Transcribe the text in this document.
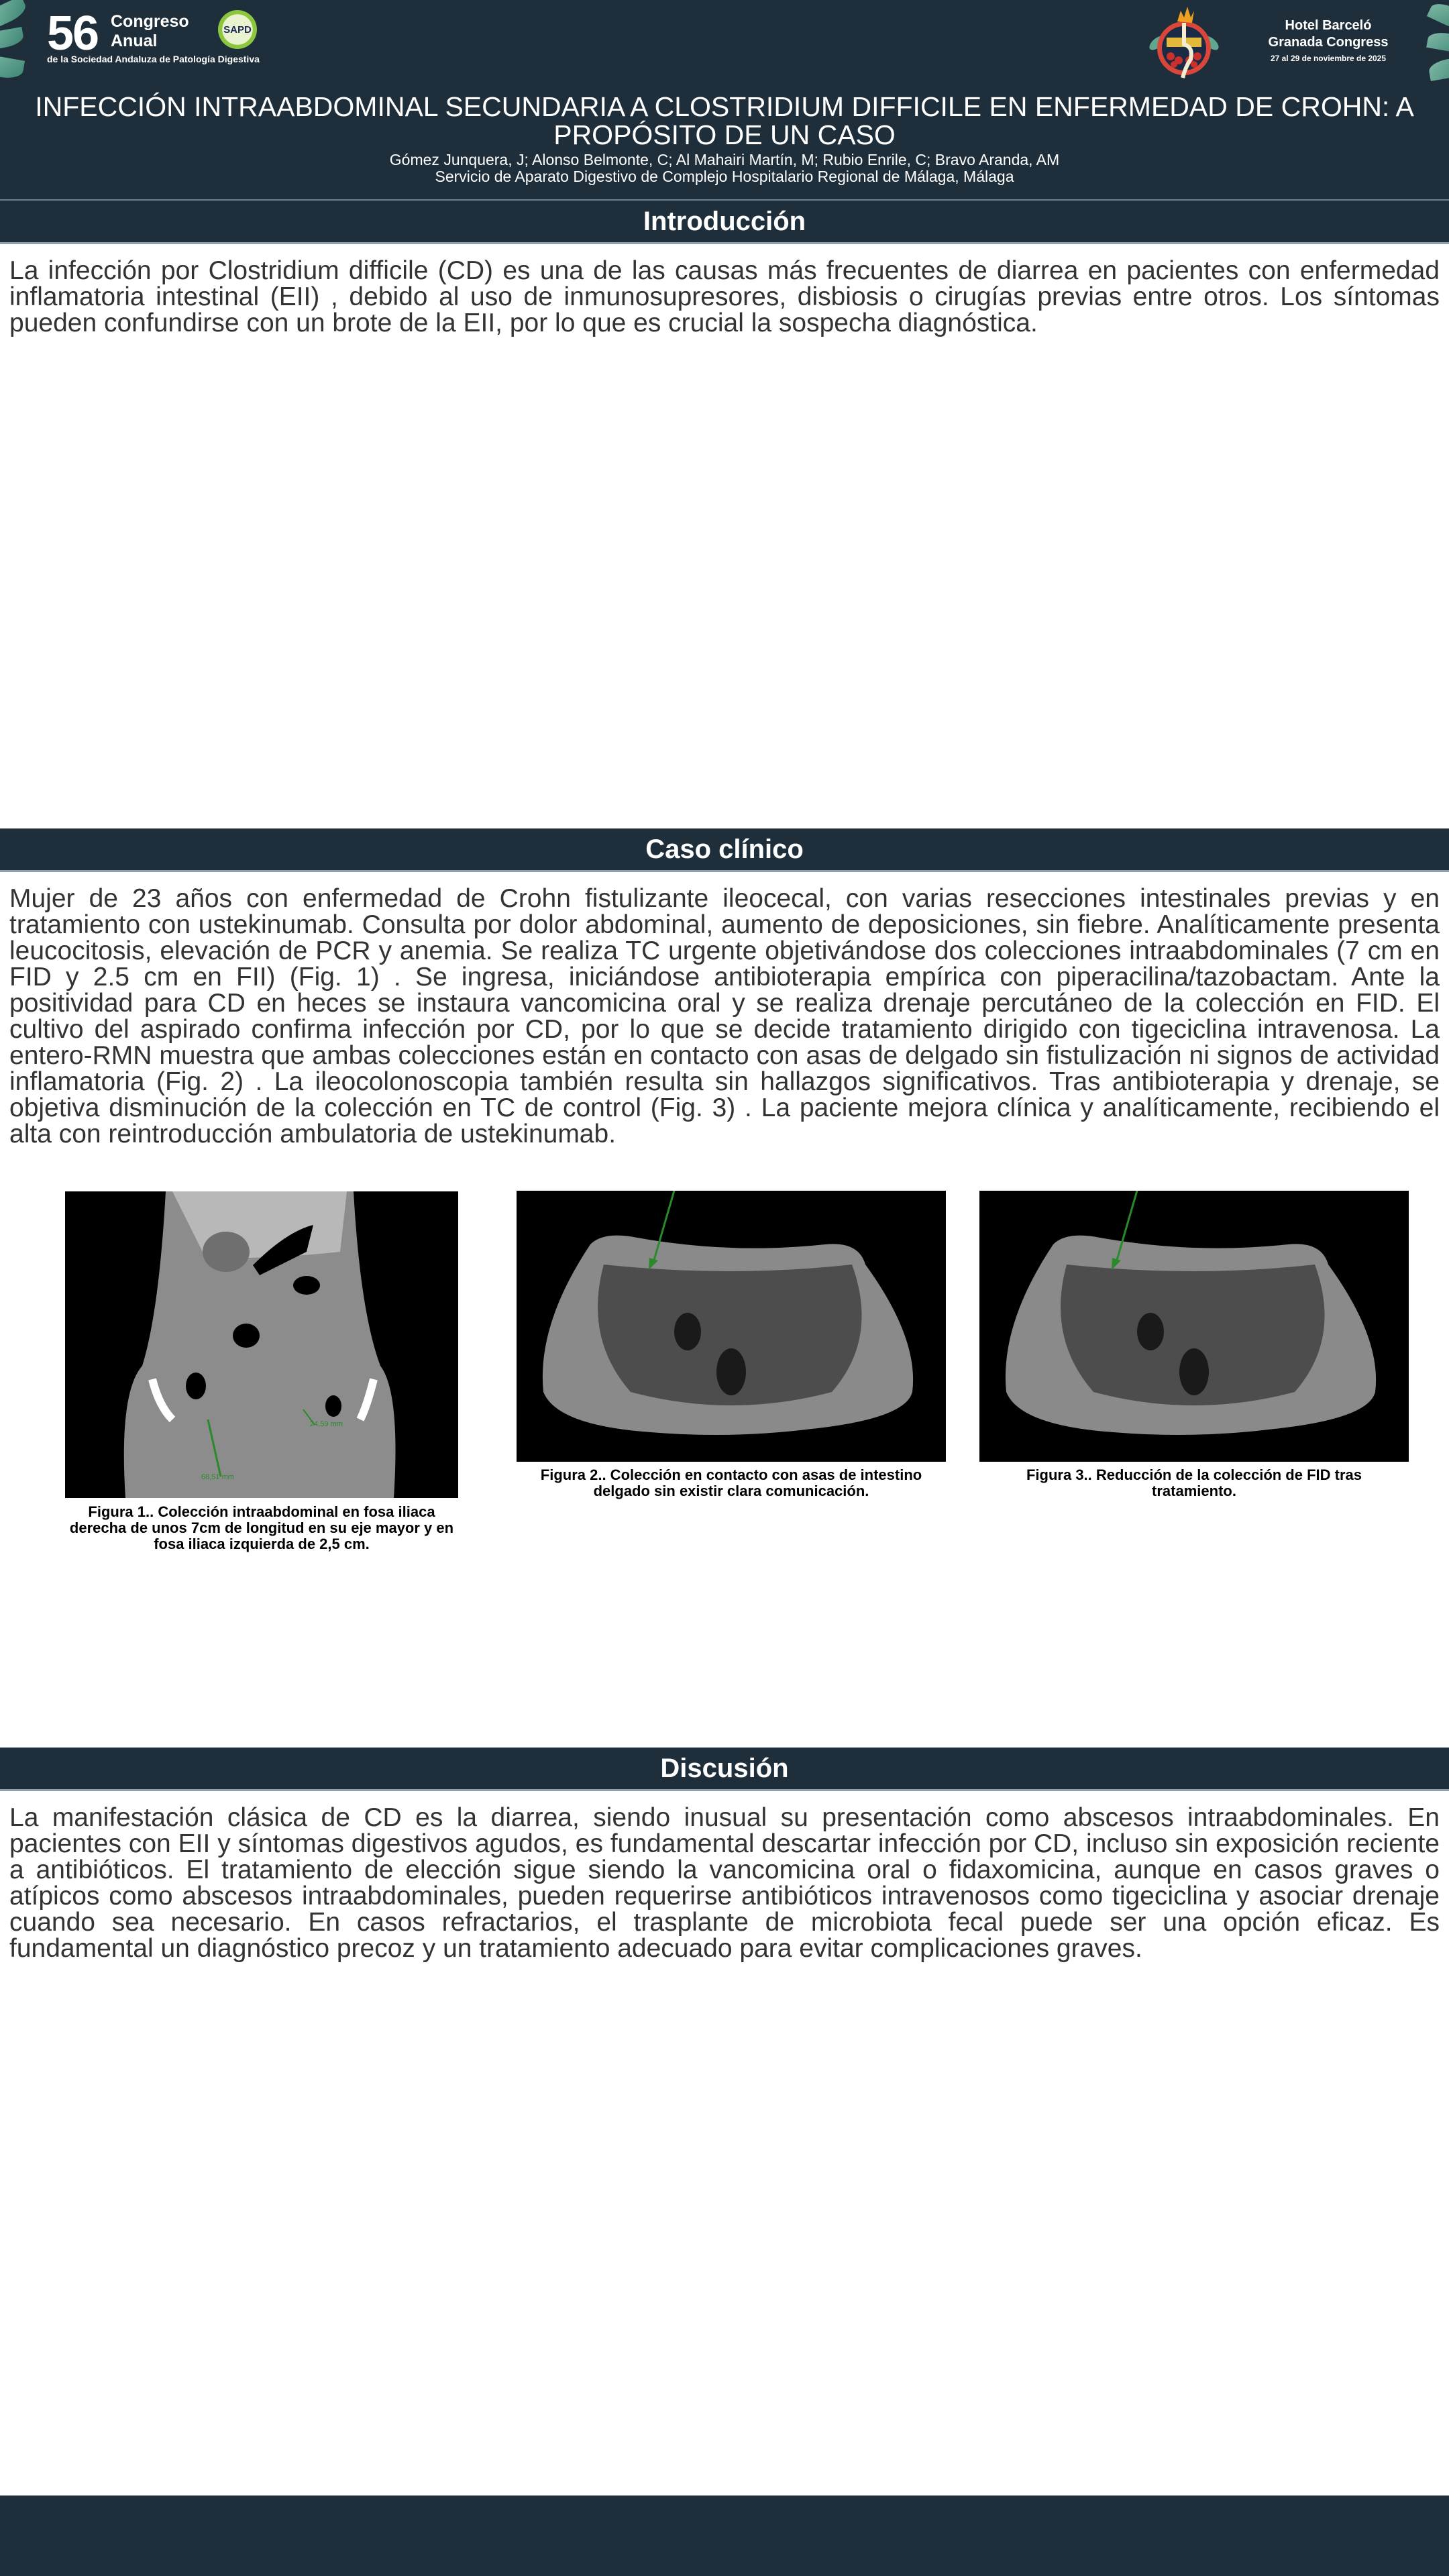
56 Congreso
Anual
de la Sociedad Andaluza de Patología Digestiva
SAPD	Hotel Barceló
Granada Congress
27 al 29 de noviembre de 2025
INFECCIÓN INTRAABDOMINAL SECUNDARIA A CLOSTRIDIUM DIFFICILE EN ENFERMEDAD DE CROHN: A PROPÓSITO DE UN CASO
Gómez Junquera, J; Alonso Belmonte, C; Al Mahairi Martín, M; Rubio Enrile, C; Bravo Aranda, AM
Servicio de Aparato Digestivo de Complejo Hospitalario Regional de Málaga, Málaga
Introducción
La infección por Clostridium difficile (CD) es una de las causas más frecuentes de diarrea en pacientes con enfermedad inflamatoria intestinal (EII) , debido al uso de inmunosupresores, disbiosis o cirugías previas entre otros. Los síntomas pueden confundirse con un brote de la EII, por lo que es crucial la sospecha diagnóstica.
Caso clínico
Mujer de 23 años con enfermedad de Crohn fistulizante ileocecal, con varias resecciones intestinales previas y en tratamiento con ustekinumab. Consulta por dolor abdominal, aumento de deposiciones, sin fiebre. Analíticamente presenta leucocitosis, elevación de PCR y anemia. Se realiza TC urgente objetivándose dos colecciones intraabdominales (7 cm en FID y 2.5 cm en FII) (Fig. 1) . Se ingresa, iniciándose antibioterapia empírica con piperacilina/tazobactam. Ante la positividad para CD en heces se instaura vancomicina oral y se realiza drenaje percutáneo de la colección en FID. El cultivo del aspirado confirma infección por CD, por lo que se decide tratamiento dirigido con tigeciclina intravenosa. La entero-RMN muestra que ambas colecciones están en contacto con asas de delgado sin fistulización ni signos de actividad inflamatoria (Fig. 2) . La ileocolonoscopia también resulta sin hallazgos significativos. Tras antibioterapia y drenaje, se objetiva disminución de la colección en TC de control (Fig. 3) . La paciente mejora clínica y analíticamente, recibiendo el alta con reintroducción ambulatoria de ustekinumab.
68,51 mm
24,59 mm
Figura 1.. Colección intraabdominal en fosa iliaca derecha de unos 7cm de longitud en su eje mayor y en fosa iliaca izquierda de 2,5 cm.
Figura 2.. Colección en contacto con asas de intestino delgado sin existir clara comunicación.
Figura 3.. Reducción de la colección de FID tras tratamiento.
Discusión
La manifestación clásica de CD es la diarrea, siendo inusual su presentación como abscesos intraabdominales. En pacientes con EII y síntomas digestivos agudos, es fundamental descartar infección por CD, incluso sin exposición reciente a antibióticos. El tratamiento de elección sigue siendo la vancomicina oral o fidaxomicina, aunque en casos graves o atípicos como abscesos intraabdominales, pueden requerirse antibióticos intravenosos como tigeciclina y asociar drenaje cuando sea necesario. En casos refractarios, el trasplante de microbiota fecal puede ser una opción eficaz. Es fundamental un diagnóstico precoz y un tratamiento adecuado para evitar complicaciones graves.
